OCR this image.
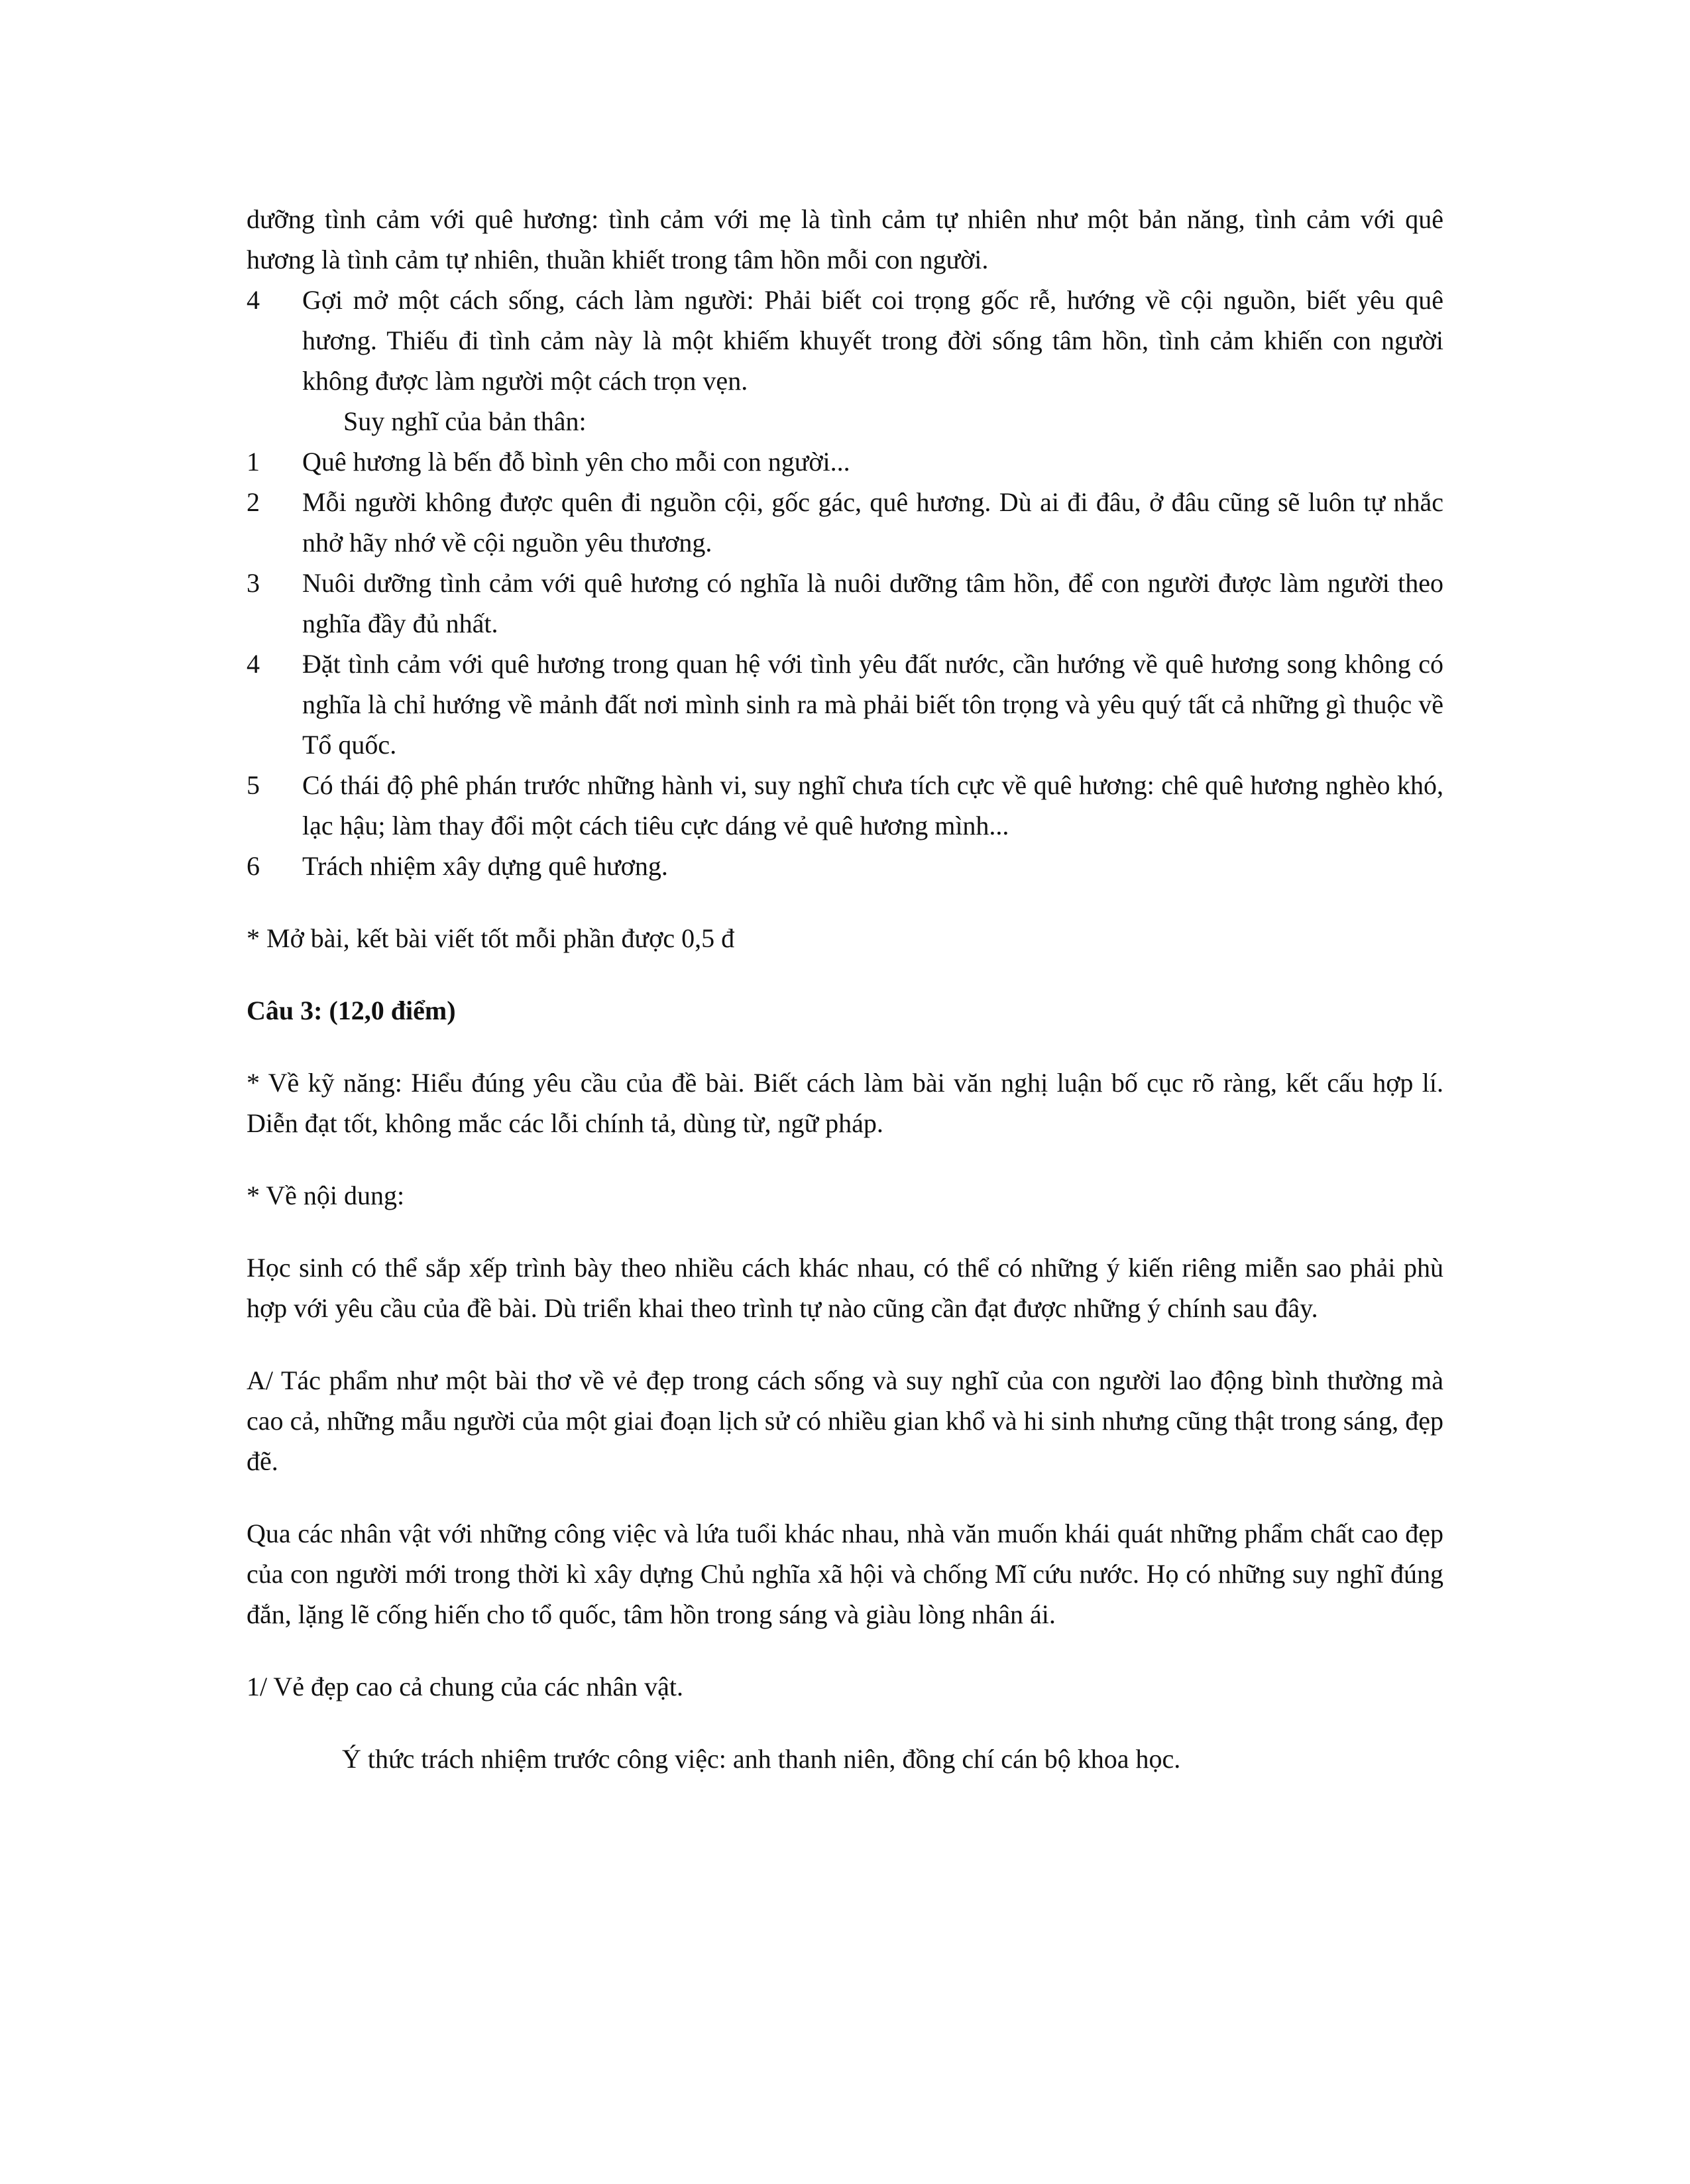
dưỡng tình cảm với quê hương: tình cảm với mẹ là tình cảm tự nhiên như một bản năng, tình cảm với quê hương là tình cảm tự nhiên, thuần khiết trong tâm hồn mỗi con người.

4	Gợi mở một cách sống, cách làm người: Phải biết coi trọng gốc rễ, hướng về cội nguồn, biết yêu quê hương. Thiếu đi tình cảm này là một khiếm khuyết trong đời sống tâm hồn, tình cảm khiến con người không được làm người một cách trọn vẹn.

Suy nghĩ của bản thân:
1	Quê hương là bến đỗ bình yên cho mỗi con người...

2	Mỗi người không được quên đi nguồn cội, gốc gác, quê hương. Dù ai đi đâu, ở đâu cũng sẽ luôn tự nhắc nhở hãy nhớ về cội nguồn yêu thương.

3	Nuôi dưỡng tình cảm với quê hương có nghĩa là nuôi dưỡng tâm hồn, để con người được làm người theo nghĩa đầy đủ nhất.

4	Đặt tình cảm với quê hương trong quan hệ với tình yêu đất nước, cần hướng về quê hương song không có nghĩa là chỉ hướng về mảnh đất nơi mình sinh ra mà phải biết tôn trọng và yêu quý tất cả những gì thuộc về Tổ quốc.

5	Có thái độ phê phán trước những hành vi, suy nghĩ chưa tích cực về quê hương: chê quê hương nghèo khó, lạc hậu; làm thay đổi một cách tiêu cực dáng vẻ quê hương mình...

6	Trách nhiệm xây dựng quê hương.

* Mở bài, kết bài viết tốt mỗi phần được 0,5 đ

Câu 3: (12,0 điểm)

* Về kỹ năng: Hiểu đúng yêu cầu của đề bài. Biết cách làm bài văn nghị luận bố cục rõ ràng, kết cấu hợp lí. Diễn đạt tốt, không mắc các lỗi chính tả, dùng từ, ngữ pháp.

* Về nội dung:

Học sinh có thể sắp xếp trình bày theo nhiều cách khác nhau, có thể có những ý kiến riêng miễn sao phải phù hợp với yêu cầu của đề bài. Dù triển khai theo trình tự nào cũng cần đạt được những ý chính sau đây.

A/ Tác phẩm như một bài thơ về vẻ đẹp trong cách sống và suy nghĩ của con người lao động bình thường mà cao cả, những mẫu người của một giai đoạn lịch sử có nhiều gian khổ và hi sinh nhưng cũng thật trong sáng, đẹp đẽ.

Qua các nhân vật với những công việc và lứa tuổi khác nhau, nhà văn muốn khái quát những phẩm chất cao đẹp của con người mới trong thời kì xây dựng Chủ nghĩa xã hội và chống Mĩ cứu nước. Họ có những suy nghĩ đúng đắn, lặng lẽ cống hiến cho tổ quốc, tâm hồn trong sáng và giàu lòng nhân ái.

1/ Vẻ đẹp cao cả chung của các nhân vật.

Ý thức trách nhiệm trước công việc: anh thanh niên, đồng chí cán bộ khoa học.
